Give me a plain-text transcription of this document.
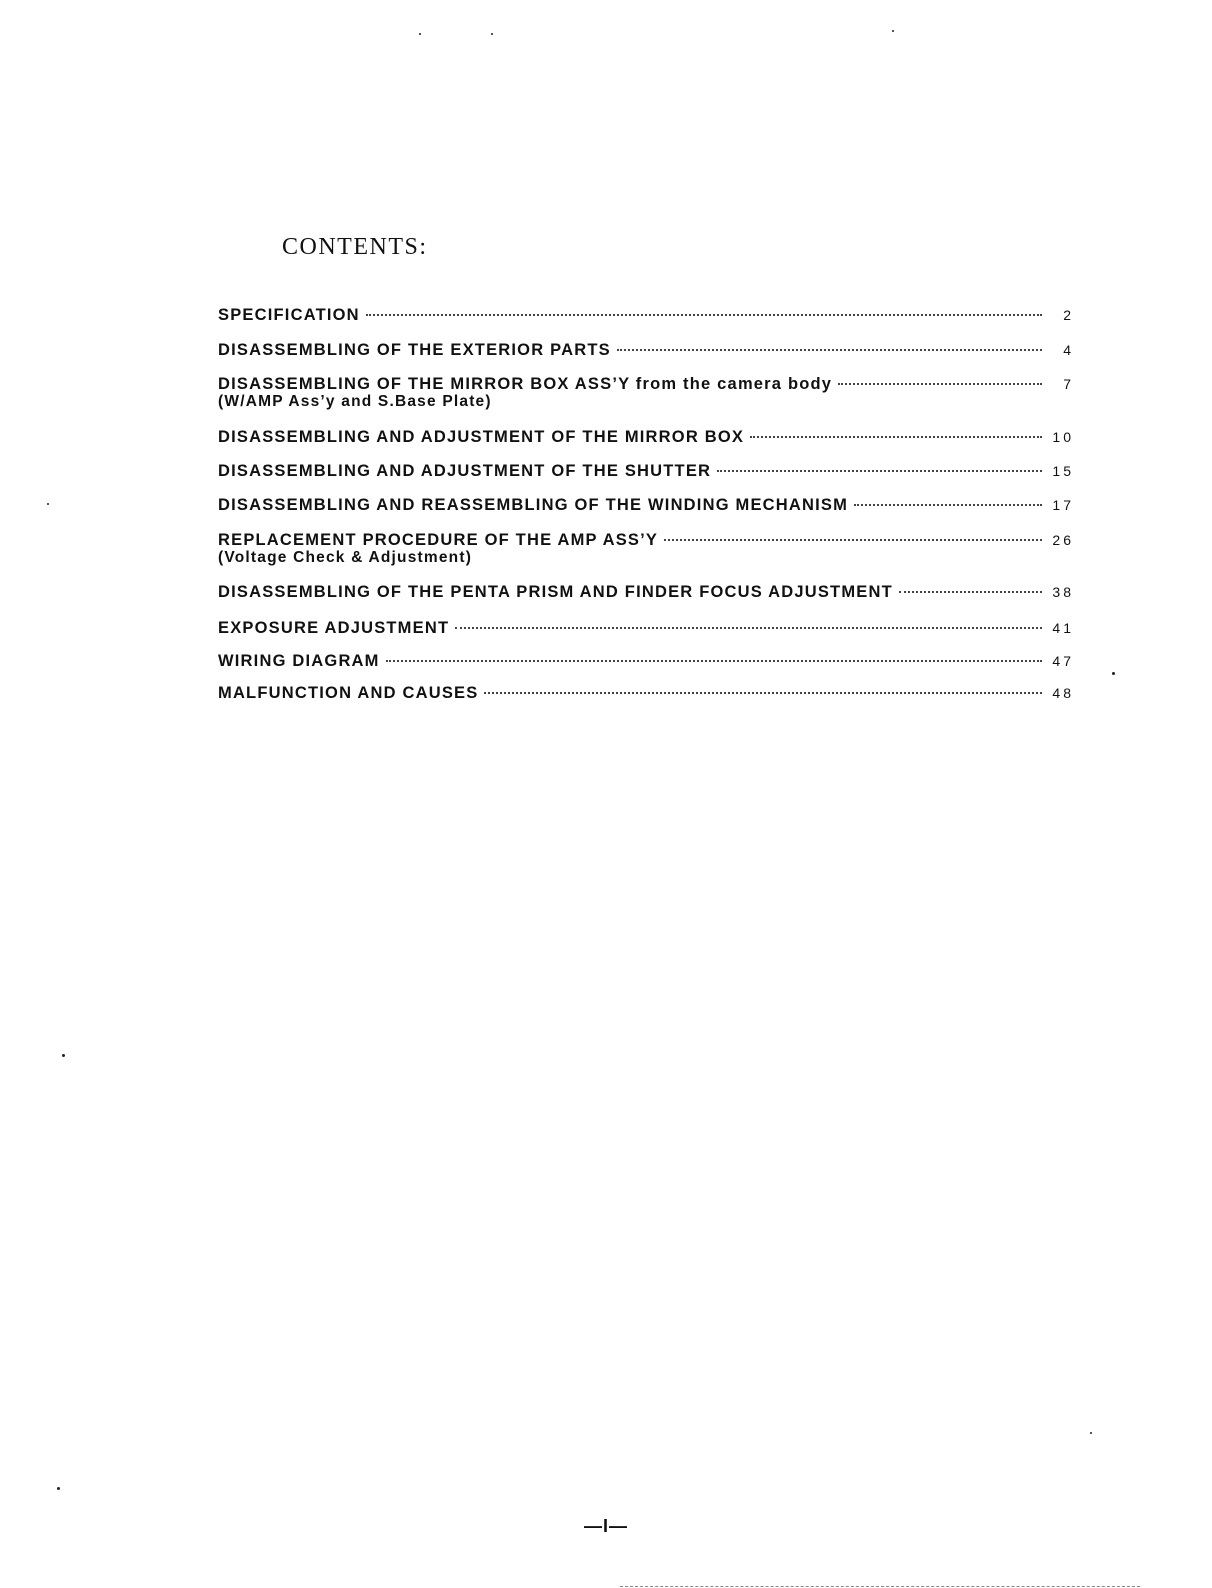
CONTENTS:
SPECIFICATION	2
DISASSEMBLING OF THE EXTERIOR PARTS	4
DISASSEMBLING OF THE MIRROR BOX ASS’Y from the camera body	7
(W/AMP Ass’y and S.Base Plate)
DISASSEMBLING AND ADJUSTMENT OF THE MIRROR BOX	10
DISASSEMBLING AND ADJUSTMENT OF THE SHUTTER	15
DISASSEMBLING AND REASSEMBLING OF THE WINDING MECHANISM	17
REPLACEMENT PROCEDURE OF THE AMP ASS’Y	26
(Voltage Check & Adjustment)
DISASSEMBLING OF THE PENTA PRISM AND FINDER FOCUS ADJUSTMENT	38
EXPOSURE ADJUSTMENT	41
WIRING DIAGRAM	47
MALFUNCTION AND CAUSES	48
—I—
